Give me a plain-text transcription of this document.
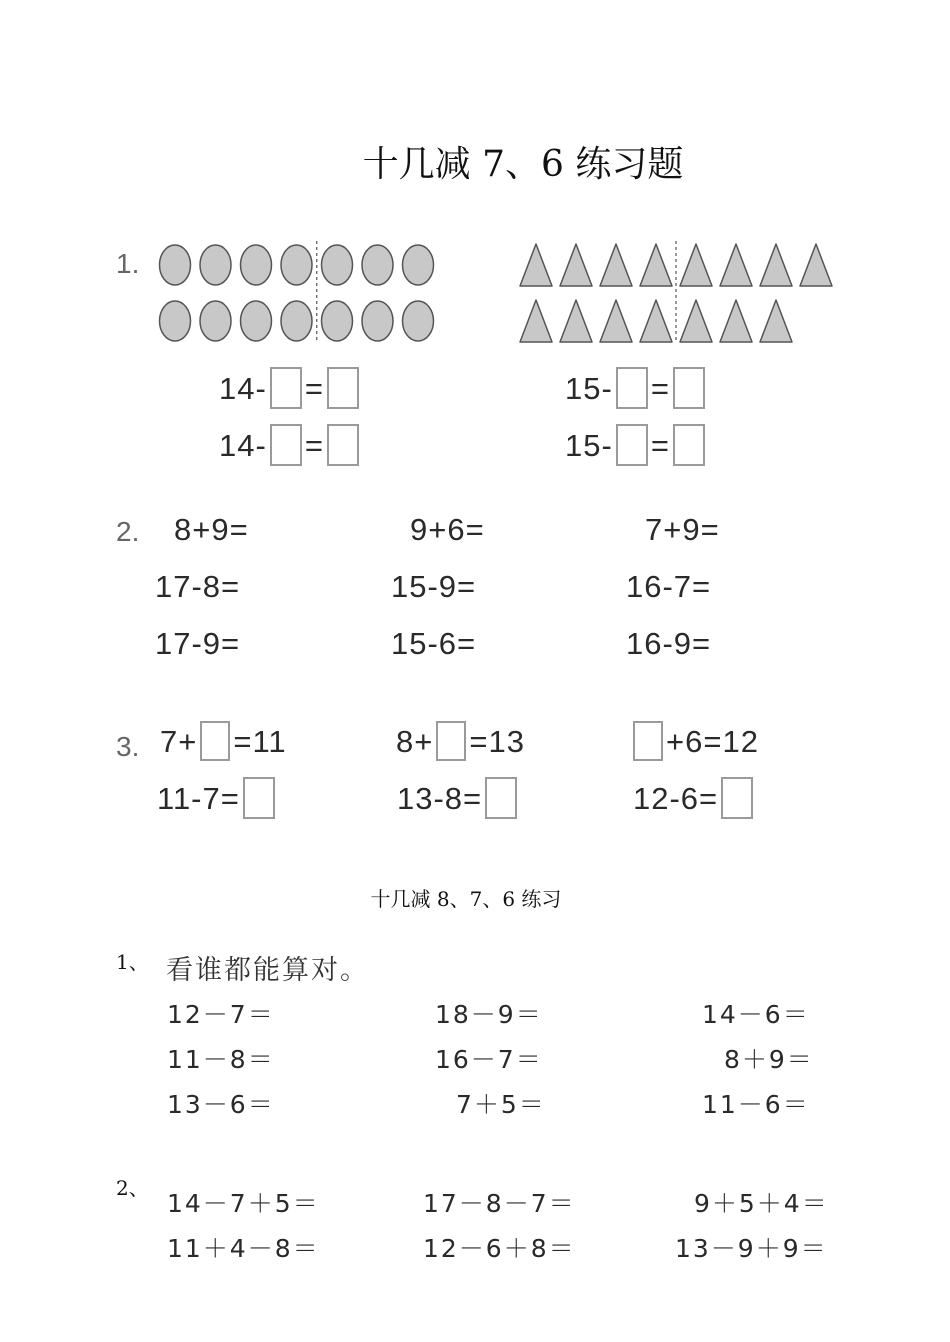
十几减 7、6 练习题
十几减 8、7、6 练习
1.
14- =
14- =
15- =
15- =
2. 8+9=	9+6=	7+9=
17-8=	15-9=	16-7=
17-9=	15-6=	16-9=
3. 7+ =11	8+ =13	+6=12
11-7=	13-8=	12-6=
1、 看谁都能算对。
12－7＝	18－9＝	14－6＝
11－8＝	16－7＝	8＋9＝
13－6＝	7＋5＝	11－6＝
2、
14－7＋5＝	17－8－7＝	9＋5＋4＝
11＋4－8＝	12－6＋8＝	13－9＋9＝
